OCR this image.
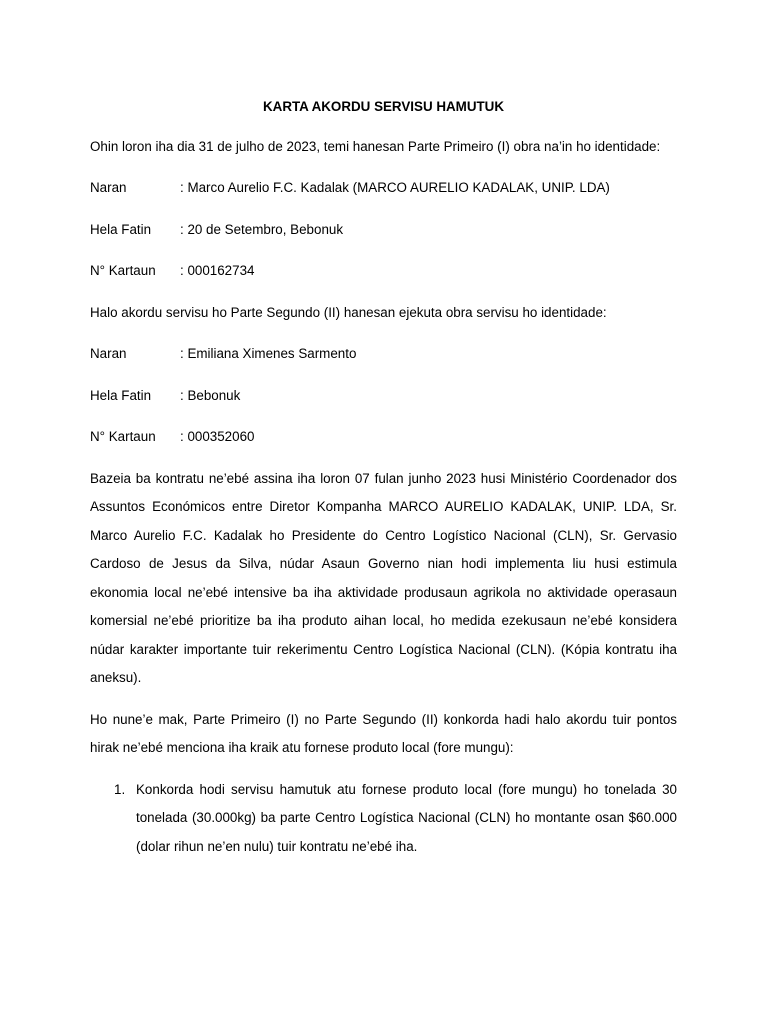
KARTA AKORDU SERVISU HAMUTUK
Ohin loron iha dia 31 de julho de 2023, temi hanesan Parte Primeiro (I) obra na’in ho identidade:
Naran	: Marco Aurelio F.C. Kadalak (MARCO AURELIO KADALAK, UNIP. LDA)
Hela Fatin	: 20 de Setembro, Bebonuk
N° Kartaun	: 000162734
Halo akordu servisu ho Parte Segundo (II) hanesan ejekuta obra servisu ho identidade:
Naran	: Emiliana Ximenes Sarmento
Hela Fatin	: Bebonuk
N° Kartaun	: 000352060
Bazeia ba kontratu ne’ebé assina iha loron 07 fulan junho 2023 husi Ministério Coordenador dos Assuntos Económicos entre Diretor Kompanha MARCO AURELIO KADALAK, UNIP. LDA, Sr. Marco Aurelio F.C. Kadalak ho Presidente do Centro Logístico Nacional (CLN), Sr. Gervasio Cardoso de Jesus da Silva, núdar Asaun Governo nian hodi implementa liu husi estimula ekonomia local ne’ebé intensive ba iha aktividade produsaun agrikola no aktividade operasaun komersial ne’ebé prioritize ba iha produto aihan local, ho medida ezekusaun ne’ebé konsidera núdar karakter importante tuir rekerimentu Centro Logística Nacional (CLN). (Kópia kontratu iha aneksu).
Ho nune’e mak, Parte Primeiro (I) no Parte Segundo (II) konkorda hadi halo akordu tuir pontos hirak ne’ebé menciona iha kraik atu fornese produto local (fore mungu):
1. Konkorda hodi servisu hamutuk atu fornese produto local (fore mungu) ho tonelada 30 tonelada (30.000kg) ba parte Centro Logística Nacional (CLN) ho montante osan $60.000 (dolar rihun ne’en nulu) tuir kontratu ne’ebé iha.
